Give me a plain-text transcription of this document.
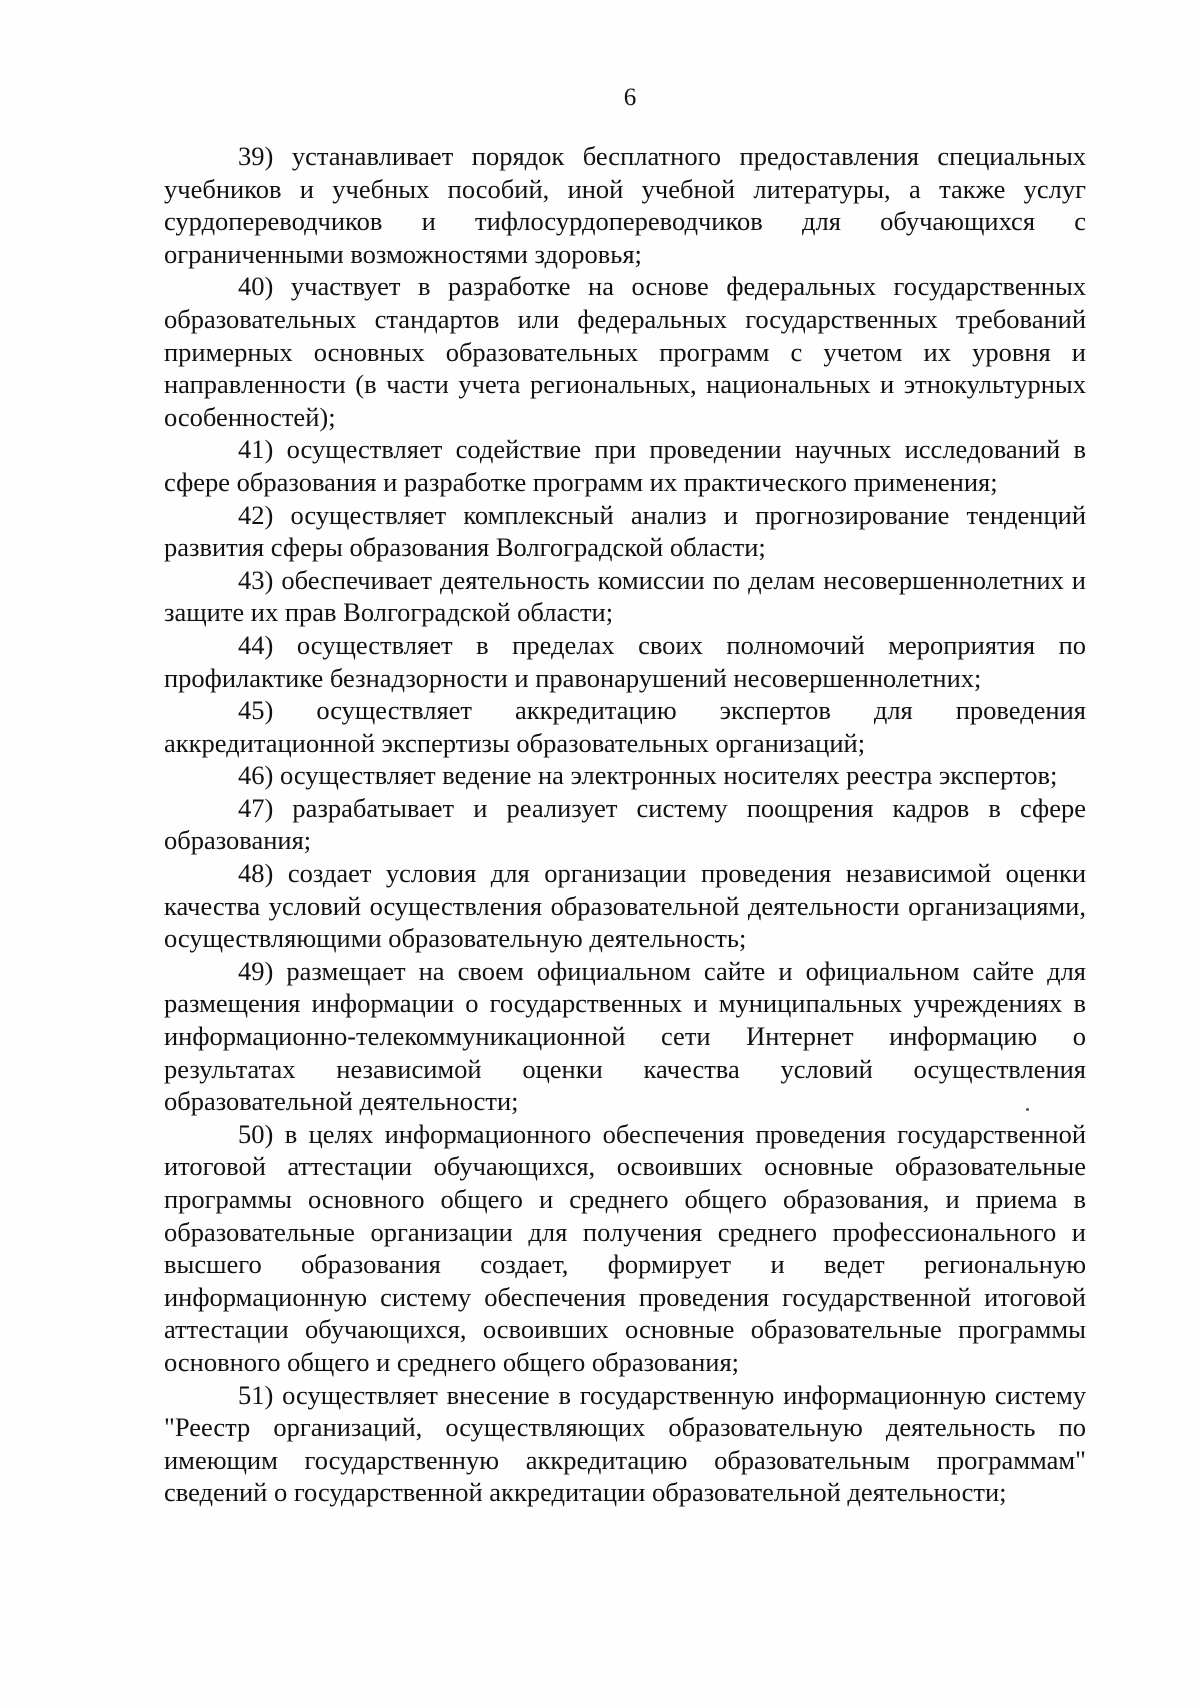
6

39) устанавливает порядок бесплатного предоставления специальных учебников и учебных пособий, иной учебной литературы, а также услуг сурдопереводчиков и тифлосурдопереводчиков для обучающихся с ограниченными возможностями здоровья;

40) участвует в разработке на основе федеральных государственных образовательных стандартов или федеральных государственных требований примерных основных образовательных программ с учетом их уровня и направленности (в части учета региональных, национальных и этнокультурных особенностей);

41) осуществляет содействие при проведении научных исследований в сфере образования и разработке программ их практического применения;

42) осуществляет комплексный анализ и прогнозирование тенденций развития сферы образования Волгоградской области;

43) обеспечивает деятельность комиссии по делам несовершеннолетних и защите их прав Волгоградской области;

44) осуществляет в пределах своих полномочий мероприятия по профилактике безнадзорности и правонарушений несовершеннолетних;

45) осуществляет аккредитацию экспертов для проведения аккредитационной экспертизы образовательных организаций;

46) осуществляет ведение на электронных носителях реестра экспертов;

47) разрабатывает и реализует систему поощрения кадров в сфере образования;

48) создает условия для организации проведения независимой оценки качества условий осуществления образовательной деятельности организациями, осуществляющими образовательную деятельность;

49) размещает на своем официальном сайте и официальном сайте для размещения информации о государственных и муниципальных учреждениях в информационно-телекоммуникационной сети Интернет информацию о результатах независимой оценки качества условий осуществления образовательной деятельности;

50) в целях информационного обеспечения проведения государственной итоговой аттестации обучающихся, освоивших основные образовательные программы основного общего и среднего общего образования, и приема в образовательные организации для получения среднего профессионального и высшего образования создает, формирует и ведет региональную информационную систему обеспечения проведения государственной итоговой аттестации обучающихся, освоивших основные образовательные программы основного общего и среднего общего образования;

51) осуществляет внесение в государственную информационную систему "Реестр организаций, осуществляющих образовательную деятельность по имеющим государственную аккредитацию образовательным программам" сведений о государственной аккредитации образовательной деятельности;
